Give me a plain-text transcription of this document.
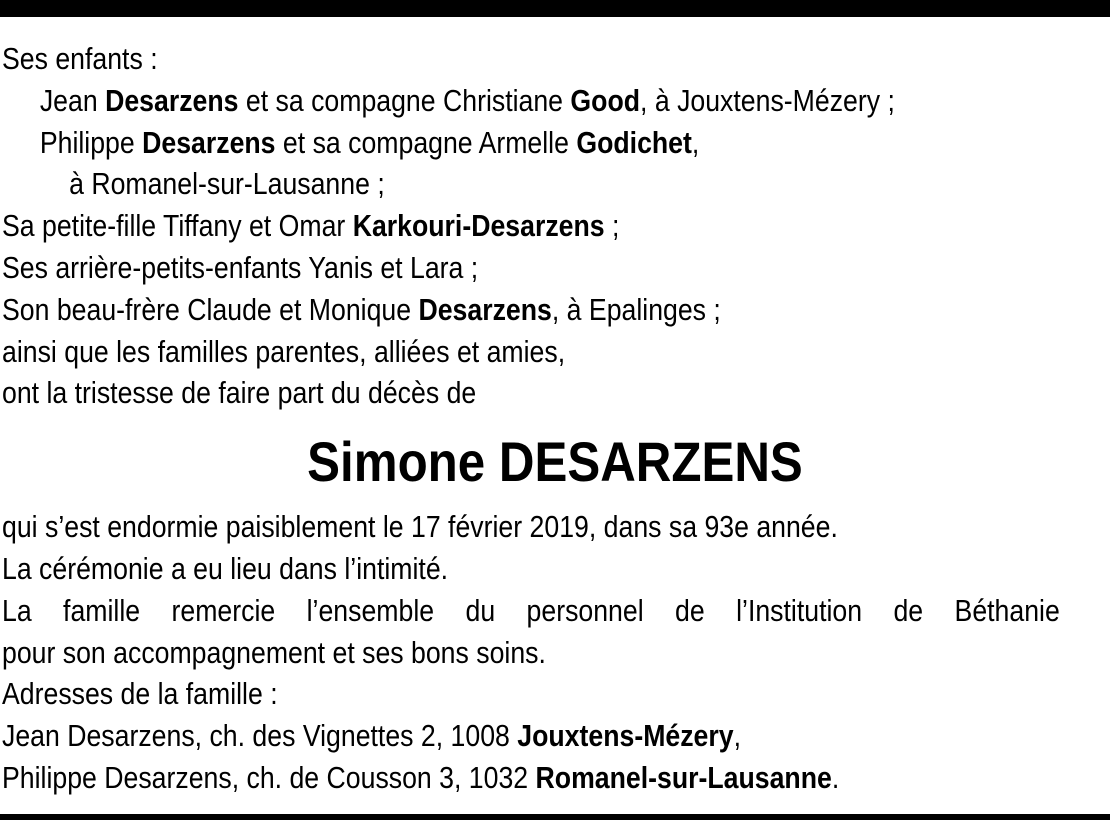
Ses enfants :
Jean Desarzens et sa compagne Christiane Good, à Jouxtens-Mézery ;
Philippe Desarzens et sa compagne Armelle Godichet,
à Romanel-sur-Lausanne ;
Sa petite-fille Tiffany et Omar Karkouri-Desarzens ;
Ses arrière-petits-enfants Yanis et Lara ;
Son beau-frère Claude et Monique Desarzens, à Epalinges ;
ainsi que les familles parentes, alliées et amies,
ont la tristesse de faire part du décès de
Simone DESARZENS
qui s’est endormie paisiblement le 17 février 2019, dans sa 93e année.
La cérémonie a eu lieu dans l’intimité.
La famille remercie l’ensemble du personnel de l’Institution de Béthanie
pour son accompagnement et ses bons soins.
Adresses de la famille :
Jean Desarzens, ch. des Vignettes 2, 1008 Jouxtens-Mézery,
Philippe Desarzens, ch. de Cousson 3, 1032 Romanel-sur-Lausanne.
